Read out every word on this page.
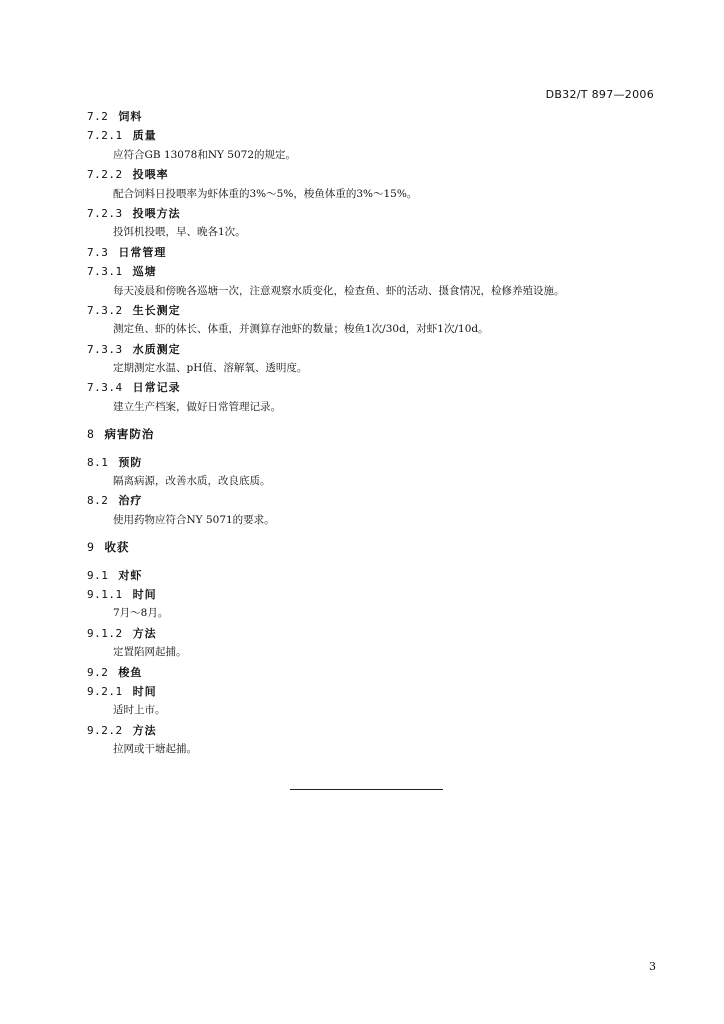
DB32/T 897—2006
7.2 饲料
7.2.1 质量
应符合GB 13078和NY 5072的规定。
7.2.2 投喂率
配合饲料日投喂率为虾体重的3%～5%，梭鱼体重的3%～15%。
7.2.3 投喂方法
投饵机投喂，早、晚各1次。
7.3 日常管理
7.3.1 巡塘
每天凌晨和傍晚各巡塘一次，注意观察水质变化，检查鱼、虾的活动、摄食情况，检修养殖设施。
7.3.2 生长测定
测定鱼、虾的体长、体重，并测算存池虾的数量；梭鱼1次/30d，对虾1次/10d。
7.3.3 水质测定
定期测定水温、pH值、溶解氧、透明度。
7.3.4 日常记录
建立生产档案，做好日常管理记录。
8 病害防治
8.1 预防
隔离病源，改善水质，改良底质。
8.2 治疗
使用药物应符合NY 5071的要求。
9 收获
9.1 对虾
9.1.1 时间
7月～8月。
9.1.2 方法
定置陷网起捕。
9.2 梭鱼
9.2.1 时间
适时上市。
9.2.2 方法
拉网或干塘起捕。
3
